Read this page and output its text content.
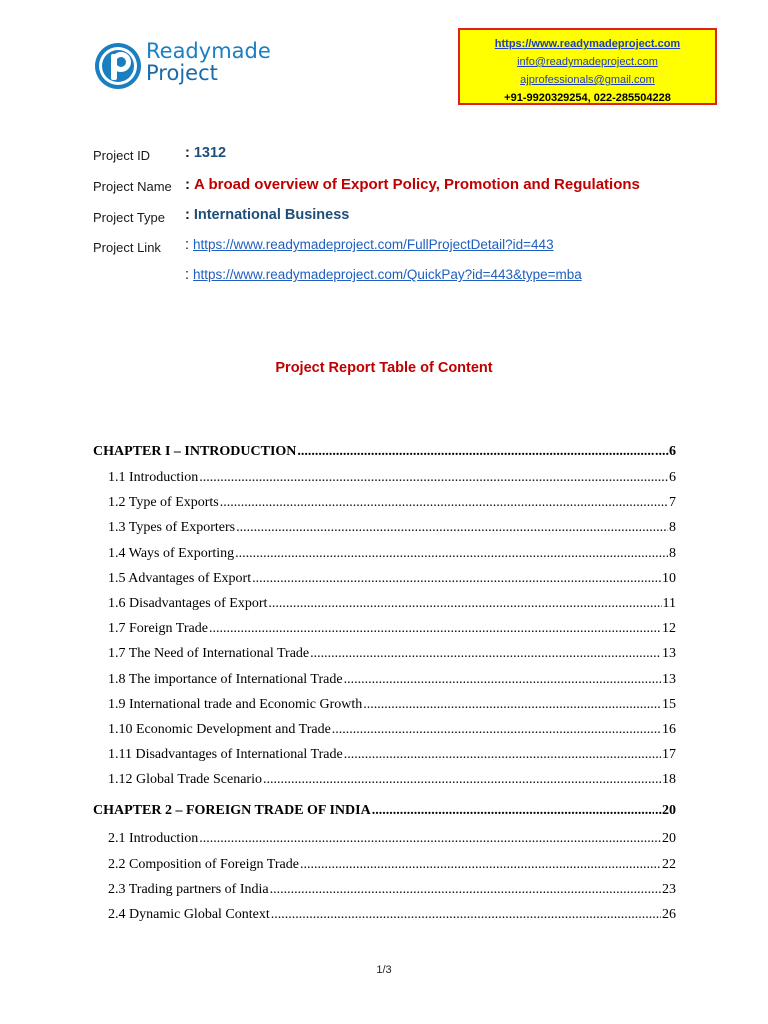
Readymade
Project
https://www.readymadeproject.com
info@readymadeproject.com
ajprofessionals@gmail.com
+91-9920329254, 022-285504228
Project ID : 1312
Project Name : A broad overview of Export Policy, Promotion and Regulations
Project Type : International Business
Project Link : https://www.readymadeproject.com/FullProjectDetail?id=443
: https://www.readymadeproject.com/QuickPay?id=443&type=mba
Project Report Table of Content
CHAPTER I – INTRODUCTION .....	....6
1.1 Introduction .....	6
1.2 Type of Exports .....	7
1.3 Types of Exporters .....	8
1.4 Ways of Exporting .....	8
1.5 Advantages of Export .....	10
1.6 Disadvantages of Export .....	11
1.7 Foreign Trade .....	12
1.7 The Need of International Trade .....	13
1.8 The importance of International Trade .....	13
1.9 International trade and Economic Growth .....	15
1.10 Economic Development and Trade .....	16
1.11 Disadvantages of International Trade .....	17
1.12 Global Trade Scenario .....	18
CHAPTER 2 – FOREIGN TRADE OF INDIA .....	..20
2.1 Introduction .....	20
2.2 Composition of Foreign Trade .....	22
2.3 Trading partners of India .....	23
2.4 Dynamic Global Context .....	26
1/3
